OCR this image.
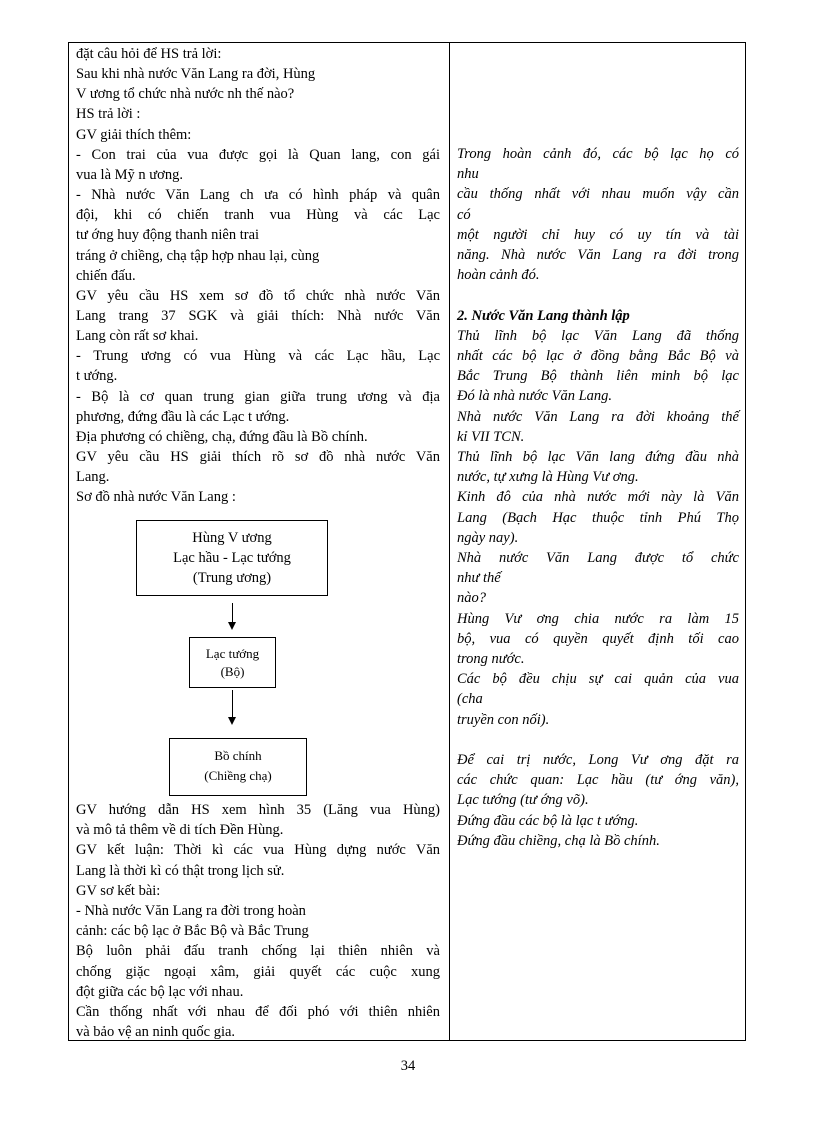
đặt câu hỏi để HS trả lời:
Sau khi nhà nước Văn Lang ra đời, Hùng
V ương tổ chức nhà nước nh thế nào?
HS trả lời :
GV giải thích thêm:
- Con trai của vua được gọi là Quan lang, con gái
vua là Mỹ n ương.
- Nhà nước Văn Lang ch ưa có hình pháp và quân
đội, khi có chiến tranh vua Hùng và các Lạc
tư ớng huy động thanh niên trai
tráng ở chiềng, chạ tập hợp nhau lại, cùng
chiến đấu.
GV yêu cầu HS xem sơ đồ tổ chức nhà nước Văn
Lang trang 37 SGK và giải thích: Nhà nước Văn
Lang còn rất sơ khai.
- Trung ương có vua Hùng và các Lạc hầu, Lạc
t ướng.
- Bộ là cơ quan trung gian giữa trung ương và địa
phương, đứng đầu là các Lạc t ướng.
Địa phương có chiềng, chạ, đứng đầu là Bồ chính.
GV yêu cầu HS giải thích rõ sơ đồ nhà nước Văn
Lang.
Sơ đồ nhà nước Văn Lang :
Hùng V ương
Lạc hầu - Lạc tướng
(Trung ương)
Lạc tướng
(Bộ)
Bồ chính
(Chiềng chạ)
GV hướng dẫn HS xem hình 35 (Lăng vua Hùng)
và mô tả thêm về di tích Đền Hùng.
GV kết luận: Thời kì các vua Hùng dựng nước Văn
Lang là thời kì có thật trong lịch sử.
GV sơ kết bài:
- Nhà nước Văn Lang ra đời trong hoàn
cảnh: các bộ lạc ở Bắc Bộ và Bắc Trung
Bộ luôn phải đấu tranh chống lại thiên nhiên và
chống giặc ngoại xâm, giải quyết các cuộc xung
đột giữa các bộ lạc với nhau.
Cần thống nhất với nhau để đối phó với thiên nhiên
và bảo vệ an ninh quốc gia.
Trong hoàn cảnh đó, các bộ lạc họ có
nhu
cầu thống nhất với nhau muốn vậy cần
có
một người chỉ huy có uy tín và tài
năng. Nhà nước Văn Lang ra đời trong
hoàn cảnh đó.
2. Nước Văn Lang thành lập
Thủ lĩnh bộ lạc Văn Lang đã thống
nhất các bộ lạc ở đồng bằng Bắc Bộ và
Bắc Trung Bộ thành liên minh bộ lạc
Đó là nhà nước Văn Lang.
Nhà nước Văn Lang ra đời khoảng thế
kỉ VII TCN.
Thủ lĩnh bộ lạc Văn lang đứng đầu nhà
nước, tự xưng là Hùng Vư ơng.
Kinh đô của nhà nước mới này là Văn
Lang (Bạch Hạc thuộc tỉnh Phú Thọ
ngày nay).
Nhà nước Văn Lang được tổ chức
như thế
nào?
Hùng Vư ơng chia nước ra làm 15
bộ, vua có quyền quyết định tối cao
trong nước.
Các bộ đều chịu sự cai quản của vua
(cha
truyền con nối).
Để cai trị nước, Long Vư ơng đặt ra
các chức quan: Lạc hầu (tư ớng văn),
Lạc tướng (tư ớng võ).
Đứng đầu các bộ là lạc t ướng.
Đứng đầu chiềng, chạ là Bồ chính.
34
